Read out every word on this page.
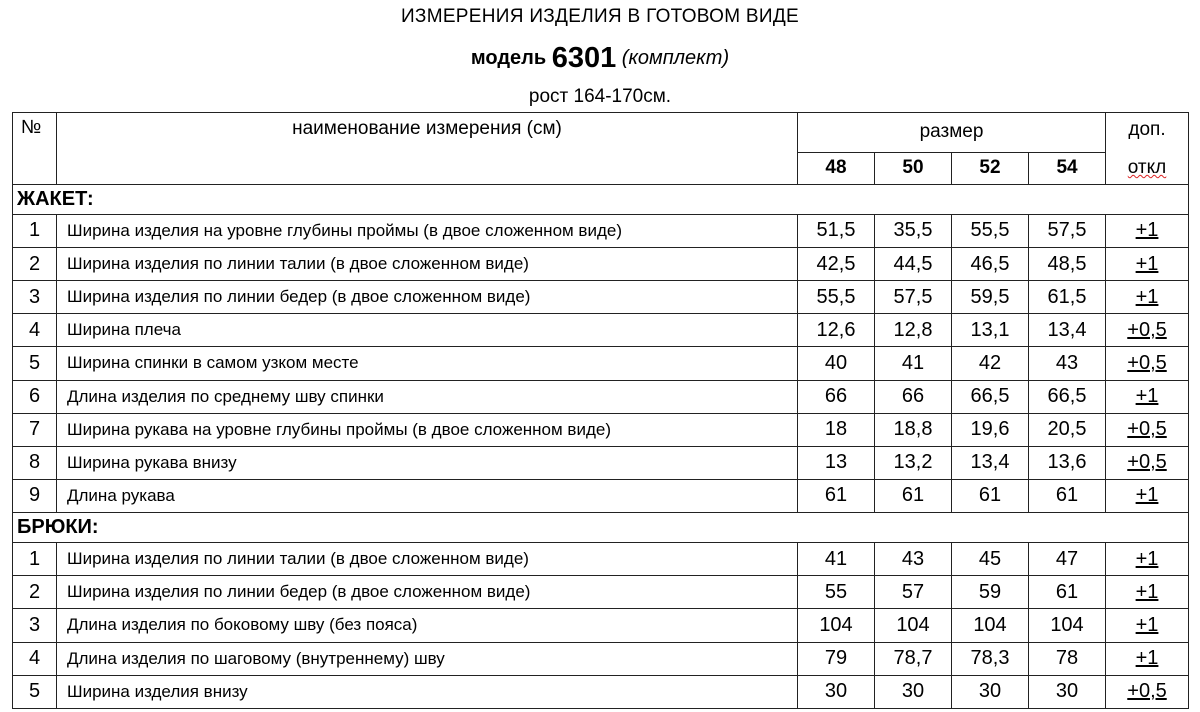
ИЗМЕРЕНИЯ ИЗДЕЛИЯ В ГОТОВОМ ВИДЕ
модель 6301 (комплект)
рост 164-170см.
№	наименование измерения (см)	размер				доп.
		48	50	52	54	откл
ЖАКЕТ:						
1	Ширина изделия на уровне глубины проймы (в двое сложенном виде)	51,5	35,5	55,5	57,5	+1
2	Ширина изделия по линии талии (в двое сложенном виде)	42,5	44,5	46,5	48,5	+1
3	Ширина изделия по линии бедер (в двое сложенном виде)	55,5	57,5	59,5	61,5	+1
4	Ширина плеча	12,6	12,8	13,1	13,4	+0,5
5	Ширина спинки в самом узком месте	40	41	42	43	+0,5
6	Длина изделия по среднему шву спинки	66	66	66,5	66,5	+1
7	Ширина рукава на уровне глубины проймы (в двое сложенном виде)	18	18,8	19,6	20,5	+0,5
8	Ширина рукава внизу	13	13,2	13,4	13,6	+0,5
9	Длина рукава	61	61	61	61	+1
БРЮКИ:						
1	Ширина изделия по линии талии (в двое сложенном виде)	41	43	45	47	+1
2	Ширина изделия по линии бедер (в двое сложенном виде)	55	57	59	61	+1
3	Длина изделия по боковому шву (без пояса)	104	104	104	104	+1
4	Длина изделия по шаговому (внутреннему) шву	79	78,7	78,3	78	+1
5	Ширина изделия внизу	30	30	30	30	+0,5
